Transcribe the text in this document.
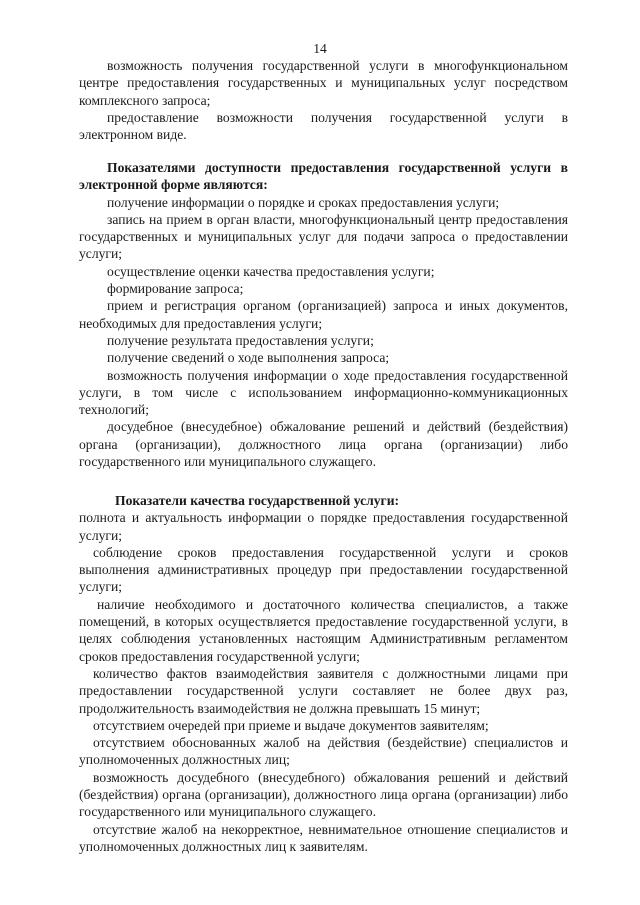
14

возможность получения государственной услуги в многофункциональном центре предоставления государственных и муниципальных услуг посредством комплексного запроса;

предоставление возможности получения государственной услуги в электронном виде.

Показателями доступности предоставления государственной услуги в электронной форме являются:

получение информации о порядке и сроках предоставления услуги;

запись на прием в орган власти, многофункциональный центр предоставления государственных и муниципальных услуг для подачи запроса о предоставлении услуги;

осуществление оценки качества предоставления услуги;

формирование запроса;

прием и регистрация органом (организацией) запроса и иных документов, необходимых для предоставления услуги;

получение результата предоставления услуги;

получение сведений о ходе выполнения запроса;

возможность получения информации о ходе предоставления государственной услуги, в том числе с использованием информационно-коммуникационных технологий;

досудебное (внесудебное) обжалование решений и действий (бездействия) органа (организации), должностного лица органа (организации) либо государственного или муниципального служащего.

Показатели качества государственной услуги:

полнота и актуальность информации о порядке предоставления государственной услуги;

соблюдение сроков предоставления государственной услуги и сроков выполнения административных процедур при предоставлении государственной услуги;

наличие необходимого и достаточного количества специалистов, а также помещений, в которых осуществляется предоставление государственной услуги, в целях соблюдения установленных настоящим Административным регламентом сроков предоставления государственной услуги;

количество фактов взаимодействия заявителя с должностными лицами при предоставлении государственной услуги составляет не более двух раз, продолжительность взаимодействия не должна превышать 15 минут;

отсутствием очередей при приеме и выдаче документов заявителям;

отсутствием обоснованных жалоб на действия (бездействие) специалистов и уполномоченных должностных лиц;

возможность досудебного (внесудебного) обжалования решений и действий (бездействия) органа (организации), должностного лица органа (организации) либо государственного или муниципального служащего.

отсутствие жалоб на некорректное, невнимательное отношение специалистов и уполномоченных должностных лиц к заявителям.
